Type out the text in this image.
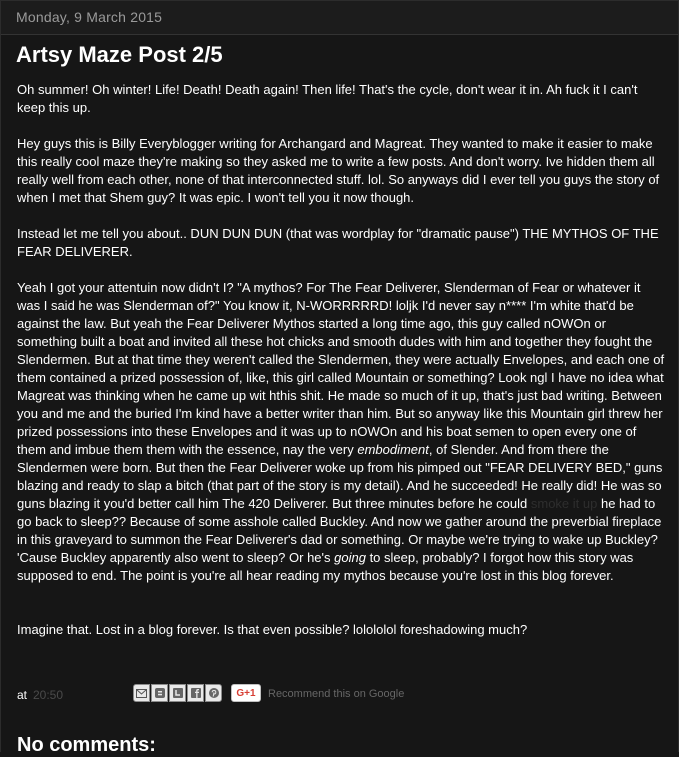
Monday, 9 March 2015
Artsy Maze Post 2/5

Oh summer! Oh winter! Life! Death! Death again! Then life! That's the cycle, don't wear it in. Ah fuck it I can't keep this up.

Hey guys this is Billy Everyblogger writing for Archangard and Magreat. They wanted to make it easier to make this really cool maze they're making so they asked me to write a few posts. And don't worry. Ive hidden them all really well from each other, none of that interconnected stuff. lol. So anyways did I ever tell you guys the story of when I met that Shem guy? It was epic. I won't tell you it now though.

Instead let me tell you about.. DUN DUN DUN (that was wordplay for "dramatic pause") THE MYTHOS OF THE FEAR DELIVERER.

Yeah I got your attentuin now didn't I? "A mythos? For The Fear Deliverer, Slenderman of Fear or whatever it was I said he was Slenderman of?" You know it, N-WORRRRRD! loljk I'd never say n**** I'm white that'd be against the law. But yeah the Fear Deliverer Mythos started a long time ago, this guy called nOWOn or something built a boat and invited all these hot chicks and smooth dudes with him and together they fought the Slendermen. But at that time they weren't called the Slendermen, they were actually Envelopes, and each one of them contained a prized possession of, like, this girl called Mountain or something? Look ngl I have no idea what Magreat was thinking when he came up wit hthis shit. He made so much of it up, that's just bad writing. Between you and me and the buried I'm kind have a better writer than him. But so anyway like this Mountain girl threw her prized possessions into these Envelopes and it was up to nOWOn and his boat semen to open every one of them and imbue them them with the essence, nay the very embodiment, of Slender. And from there the Slendermen were born. But then the Fear Deliverer woke up from his pimped out "FEAR DELIVERY BED," guns blazing and ready to slap a bitch (that part of the story is my detail). And he succeeded! He really did! He was so guns blazing it you'd better call him The 420 Deliverer. But three minutes before he could smoke it up he had to go back to sleep?? Because of some asshole called Buckley. And now we gather around the preverbial fireplace in this graveyard to summon the Fear Deliverer's dad or something. Or maybe we're trying to wake up Buckley? 'Cause Buckley apparently also went to sleep? Or he's going to sleep, probably? I forgot how this story was supposed to end. The point is you're all hear reading my mythos because you're lost in this blog forever.

Imagine that. Lost in a blog forever. Is that even possible? lolololol foreshadowing much?

at 20:50	G+1	Recommend this on Google
No comments:
